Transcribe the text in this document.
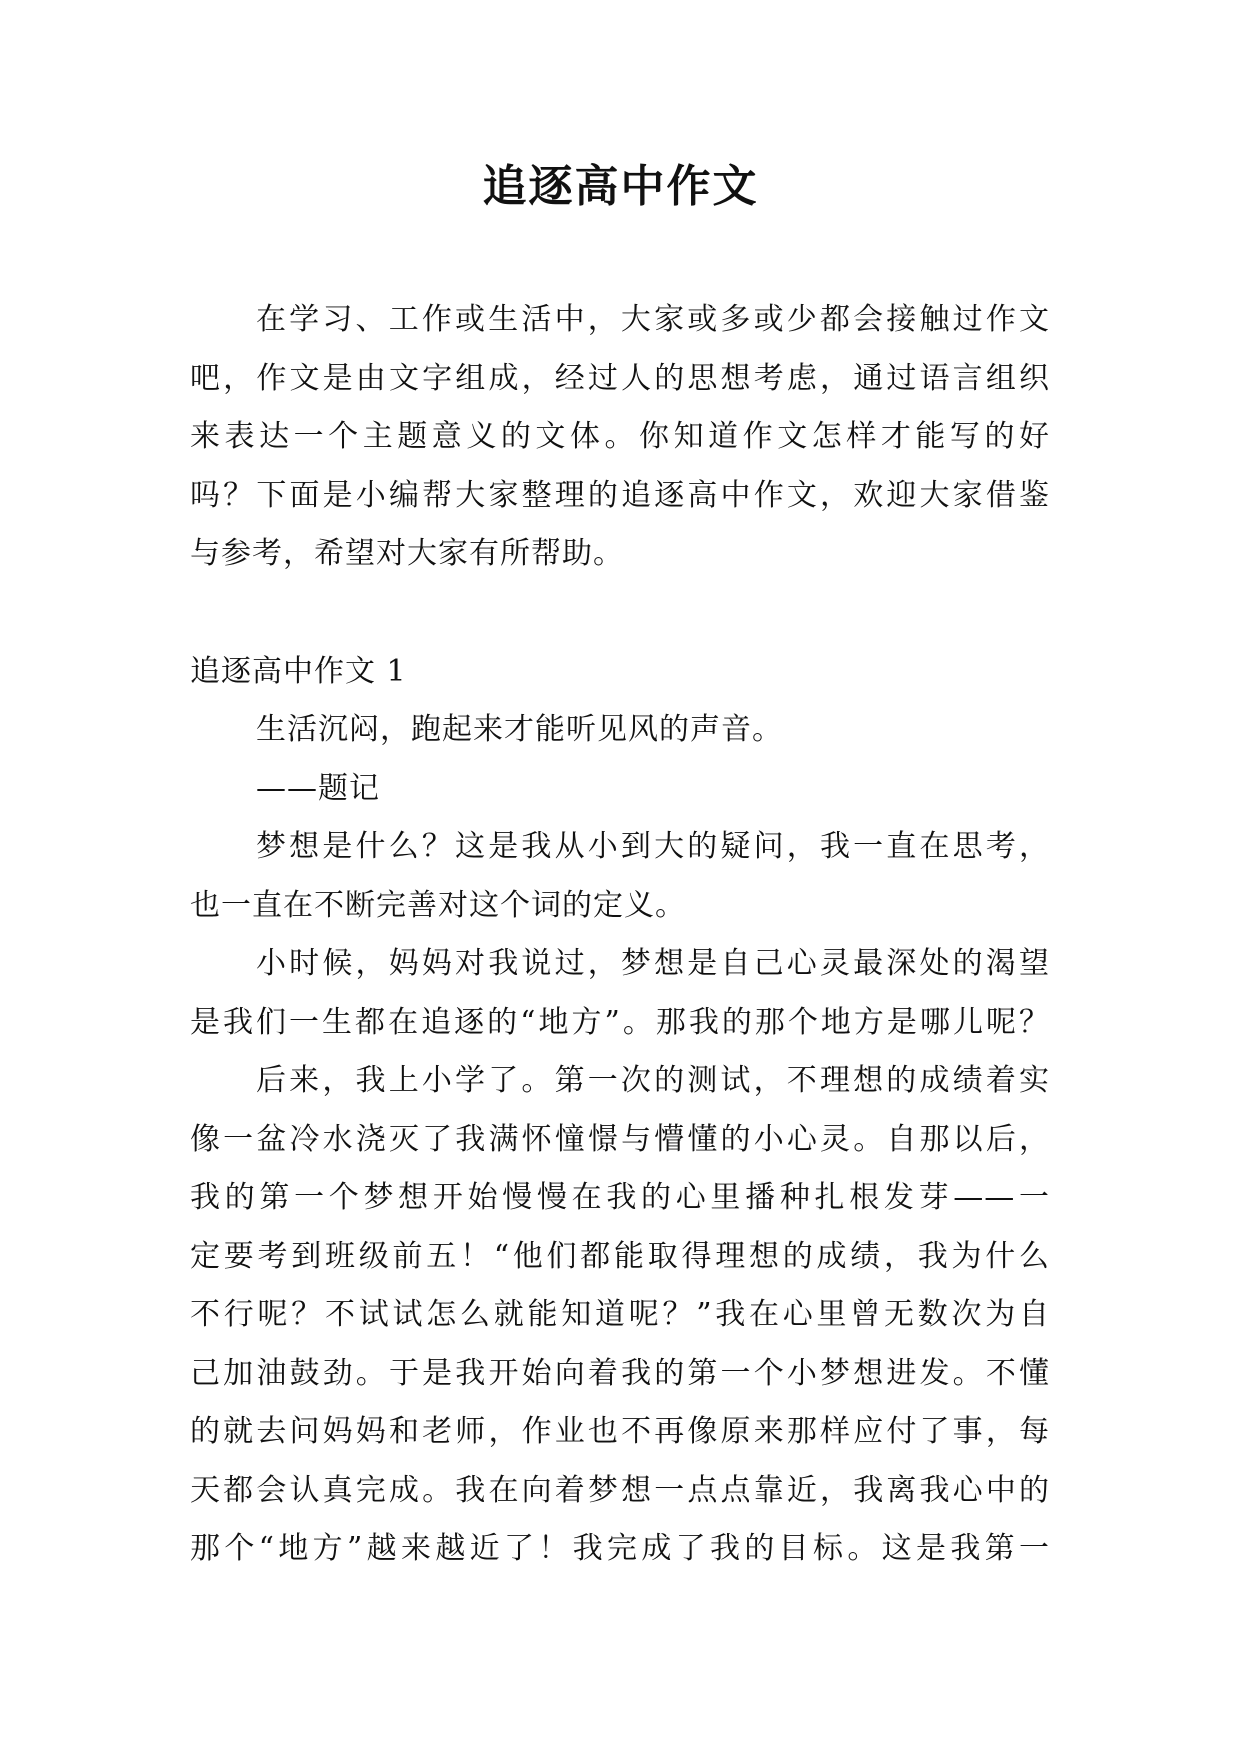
追逐高中作文
在学习、工作或生活中，大家或多或少都会接触过作文
吧，作文是由文字组成，经过人的思想考虑，通过语言组织
来表达一个主题意义的文体。你知道作文怎样才能写的好
吗？下面是小编帮大家整理的追逐高中作文，欢迎大家借鉴
与参考，希望对大家有所帮助。
追逐高中作文 1
生活沉闷，跑起来才能听见风的声音。
——题记
梦想是什么？这是我从小到大的疑问，我一直在思考，
也一直在不断完善对这个词的定义。
小时候，妈妈对我说过，梦想是自己心灵最深处的渴望
是我们一生都在追逐的“地方”。那我的那个地方是哪儿呢？
后来，我上小学了。第一次的测试，不理想的成绩着实
像一盆冷水浇灭了我满怀憧憬与懵懂的小心灵。自那以后，
我的第一个梦想开始慢慢在我的心里播种扎根发芽——一
定要考到班级前五！“他们都能取得理想的成绩，我为什么
不行呢？不试试怎么就能知道呢？”我在心里曾无数次为自
己加油鼓劲。于是我开始向着我的第一个小梦想进发。不懂
的就去问妈妈和老师，作业也不再像原来那样应付了事，每
天都会认真完成。我在向着梦想一点点靠近，我离我心中的
那个“地方”越来越近了！我完成了我的目标。这是我第一
